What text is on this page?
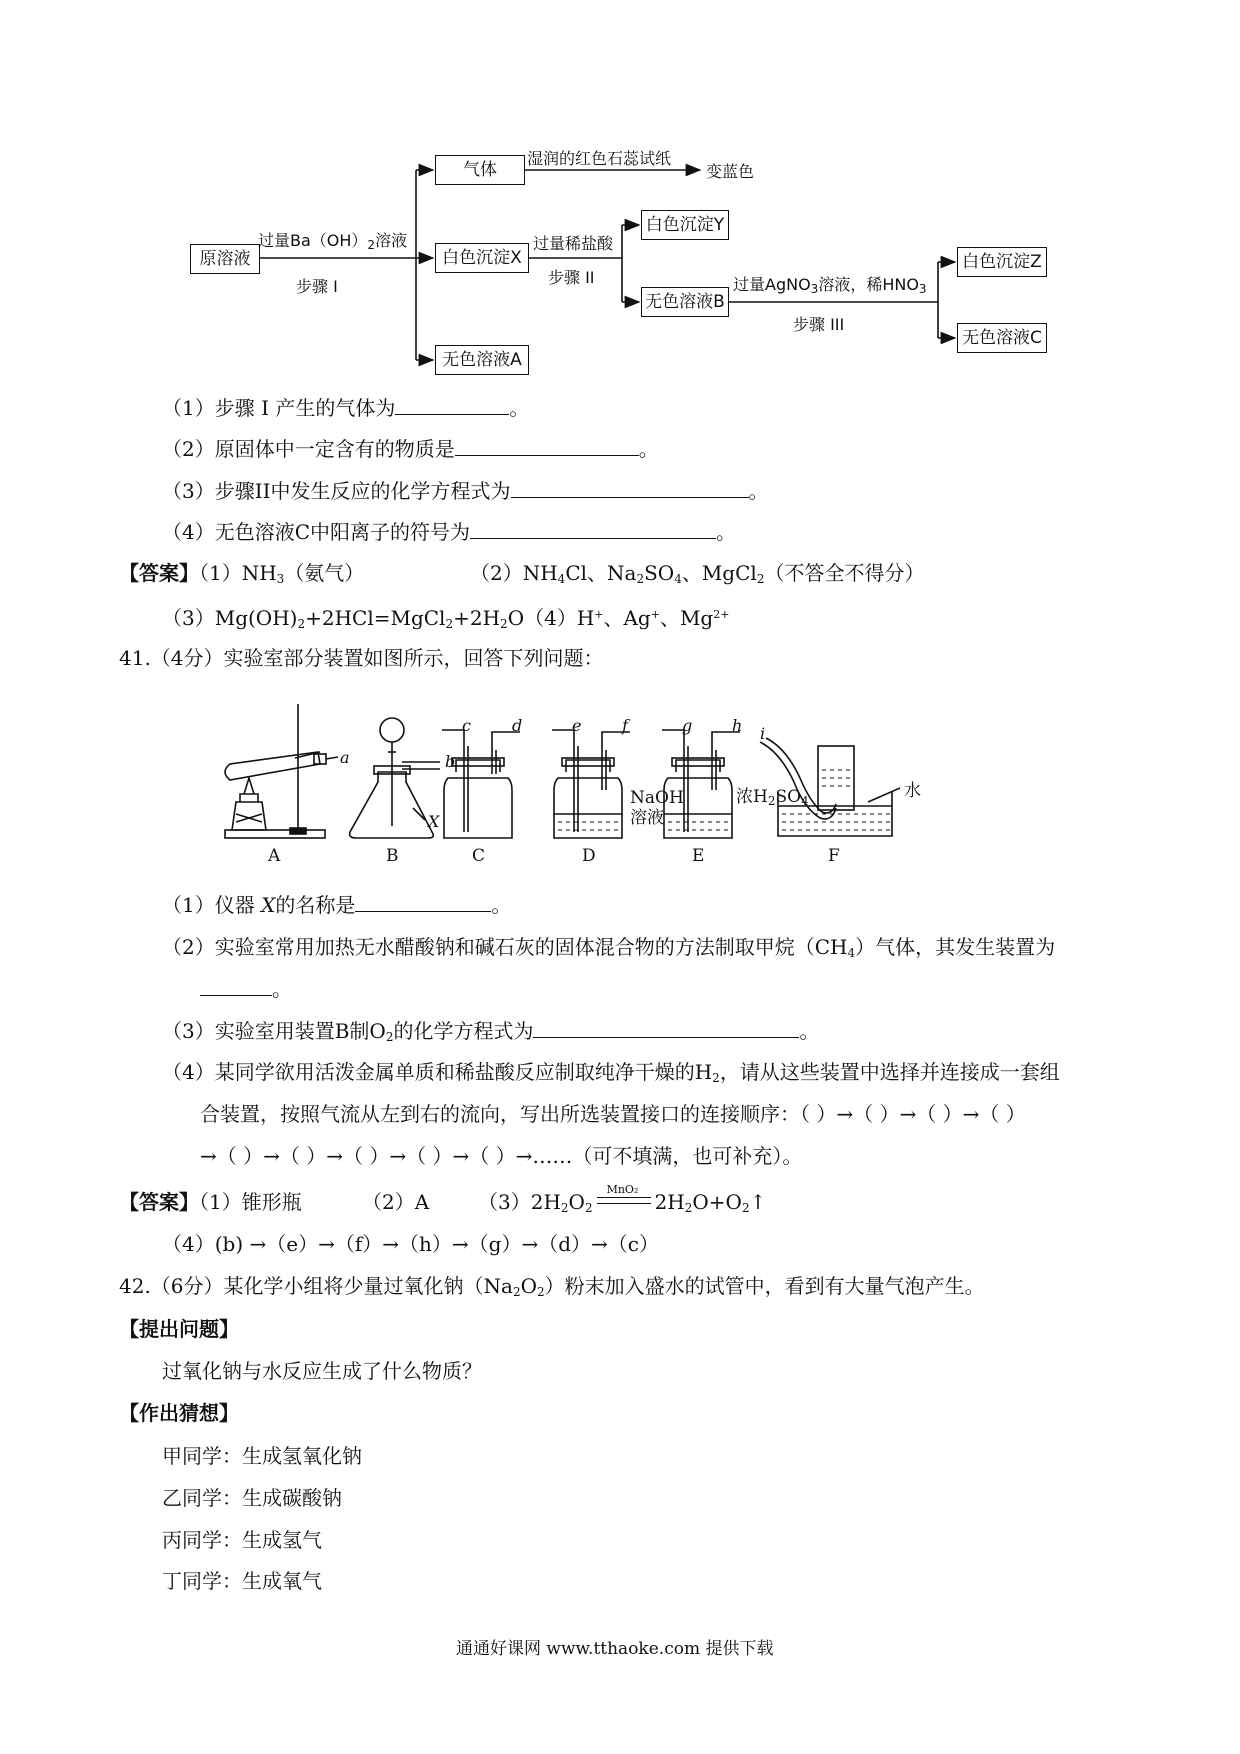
原溶液
气体
白色沉淀X
无色溶液A
白色沉淀Y
无色溶液B
白色沉淀Z
无色溶液C
湿润的红色石蕊试纸
变蓝色
过量$Ba(OH)_2$溶液
步骤 I
过量稀盐酸
步骤 II	过量AgNO$_3$溶液，稀$HNO_3$
步骤 III
（1）步骤 I 产生的气体为	。
（2）原固体中一定含有的物质是	。
（3）步骤II中发生反应的化学方程式为	。
（4）无色溶液C中阳离子的符号为	。
【答案】$(1)NH_3$（氨气）	$(2)NH_4Cl$、$Na_2SO_4$、MgCl$_2$（不答全不得分）
$(3)Mg(OH)_2+2HCl=MgCl_2+2H_2O(4)H^+$、Ag+、$Mg^{2+}$
41.（4分）实验室部分装置如图所示，回答下列问题：
a	b
c	d	e	f	g h i
X
NaOH
溶液
浓$H_2SO_4$	水
A	B	C	D	E	F
（1）仪器 X的名称是	。
（2）实验室常用加热无水醋酸钠和碱石灰的固体混合物的方法制取甲烷$(CH_4)$气体，其发生装置为
。
（3）实验室用装置B制$O_2$的化学方程式为	。
（4）某同学欲用活泼金属单质和稀盐酸反应制取纯净干燥的$H_2$，请从这些装置中选择并连接成一套组
合装置，按照气流从左到右的流向，写出所选装置接口的连接顺序：（ ）→（ ）→（ ）→（ ）
→（ ）→（ ）→（ ）→（ ）→（ ）→……（可不填满，也可补充）。
【答案】（1）锥形瓶	（2）A $(3)2H_2O_2$
MnO₂
$2H_2O+O_2↑$
（4）(b) →（e）→（f）→（h）→（g）→（d）→（c）
42.（6分）某化学小组将少量过氧化钠$(Na_2O_2)$粉末加入盛水的试管中，看到有大量气泡产生。
【提出问题】
过氧化钠与水反应生成了什么物质？
【作出猜想】
甲同学：生成氢氧化钠
乙同学：生成碳酸钠
丙同学：生成氢气
丁同学：生成氧气
通通好课网 www.tthaoke.com 提供下载
